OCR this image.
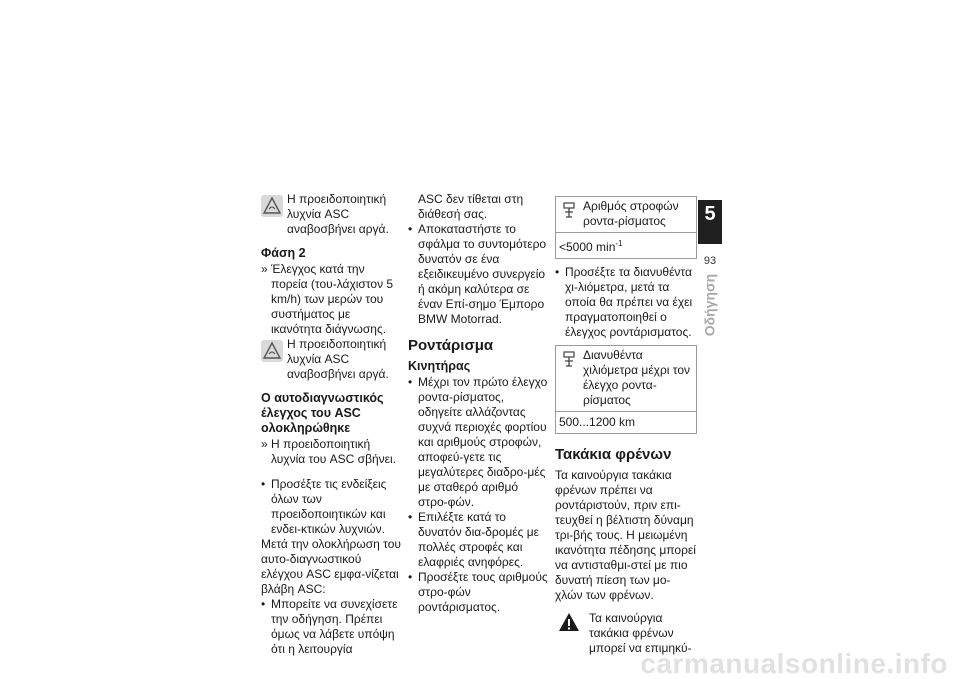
Η προειδοποιητική λυχνία ASC αναβοσβήνει αργά.
Φάση 2
» Έλεγχος κατά την πορεία (του-λάχιστον 5 km/h) των μερών του συστήματος με ικανότητα διάγνωσης.
Η προειδοποιητική λυχνία ASC αναβοσβήνει αργά.
Ο αυτοδιαγνωστικός έλεγχος του ASC ολοκληρώθηκε
» Η προειδοποιητική λυχνία του ASC σβήνει.
• Προσέξτε τις ενδείξεις όλων των προειδοποιητικών και ενδει-κτικών λυχνιών.
Μετά την ολοκλήρωση του αυτο-διαγνωστικού ελέγχου ASC εμφα-νίζεται βλάβη ASC:
• Μπορείτε να συνεχίσετε την οδήγηση. Πρέπει όμως να λάβετε υπόψη ότι η λειτουργία
ASC δεν τίθεται στη διάθεσή σας.
• Αποκαταστήστε το σφάλμα το συντομότερο δυνατόν σε ένα εξειδικευμένο συνεργείο ή ακόμη καλύτερα σε έναν Επί-σημο Έμπορο BMW Motorrad.
Ροντάρισμα
Κινητήρας
• Μέχρι τον πρώτο έλεγχο ροντα-ρίσματος, οδηγείτε αλλάζοντας συχνά περιοχές φορτίου και αριθμούς στροφών, αποφεύ-γετε τις μεγαλύτερες διαδρο-μές με σταθερό αριθμό στρο-φών.
• Επιλέξτε κατά το δυνατόν δια-δρομές με πολλές στροφές και ελαφριές ανηφόρες.
• Προσέξτε τους αριθμούς στρο-φών ροντάρισματος.
Αριθμός στροφών ροντα-ρίσματος
<5000 $\min^{-1}$
• Προσέξτε τα διανυθέντα χι-λιόμετρα, μετά τα οποία θα πρέπει να έχει πραγματοποιηθεί ο έλεγχος ροντάρισματος.
Διανυθέντα χιλιόμετρα μέχρι τον έλεγχο ροντα-ρίσματος
500...1200 km
Τακάκια φρένων
Τα καινούργια τακάκια φρένων πρέπει να ροντάριστούν, πριν επι-τευχθεί η βέλτιστη δύναμη τρι-βής τους. Η μειωμένη ικανότητα πέδησης μπορεί να αντισταθμι-στεί με πιο δυνατή πίεση των μο-χλών των φρένων.
Τα καινούργια τακάκια φρένων μπορεί να επιμηκύ-
5
93
Οδήγηση
carmanualsonline.info
